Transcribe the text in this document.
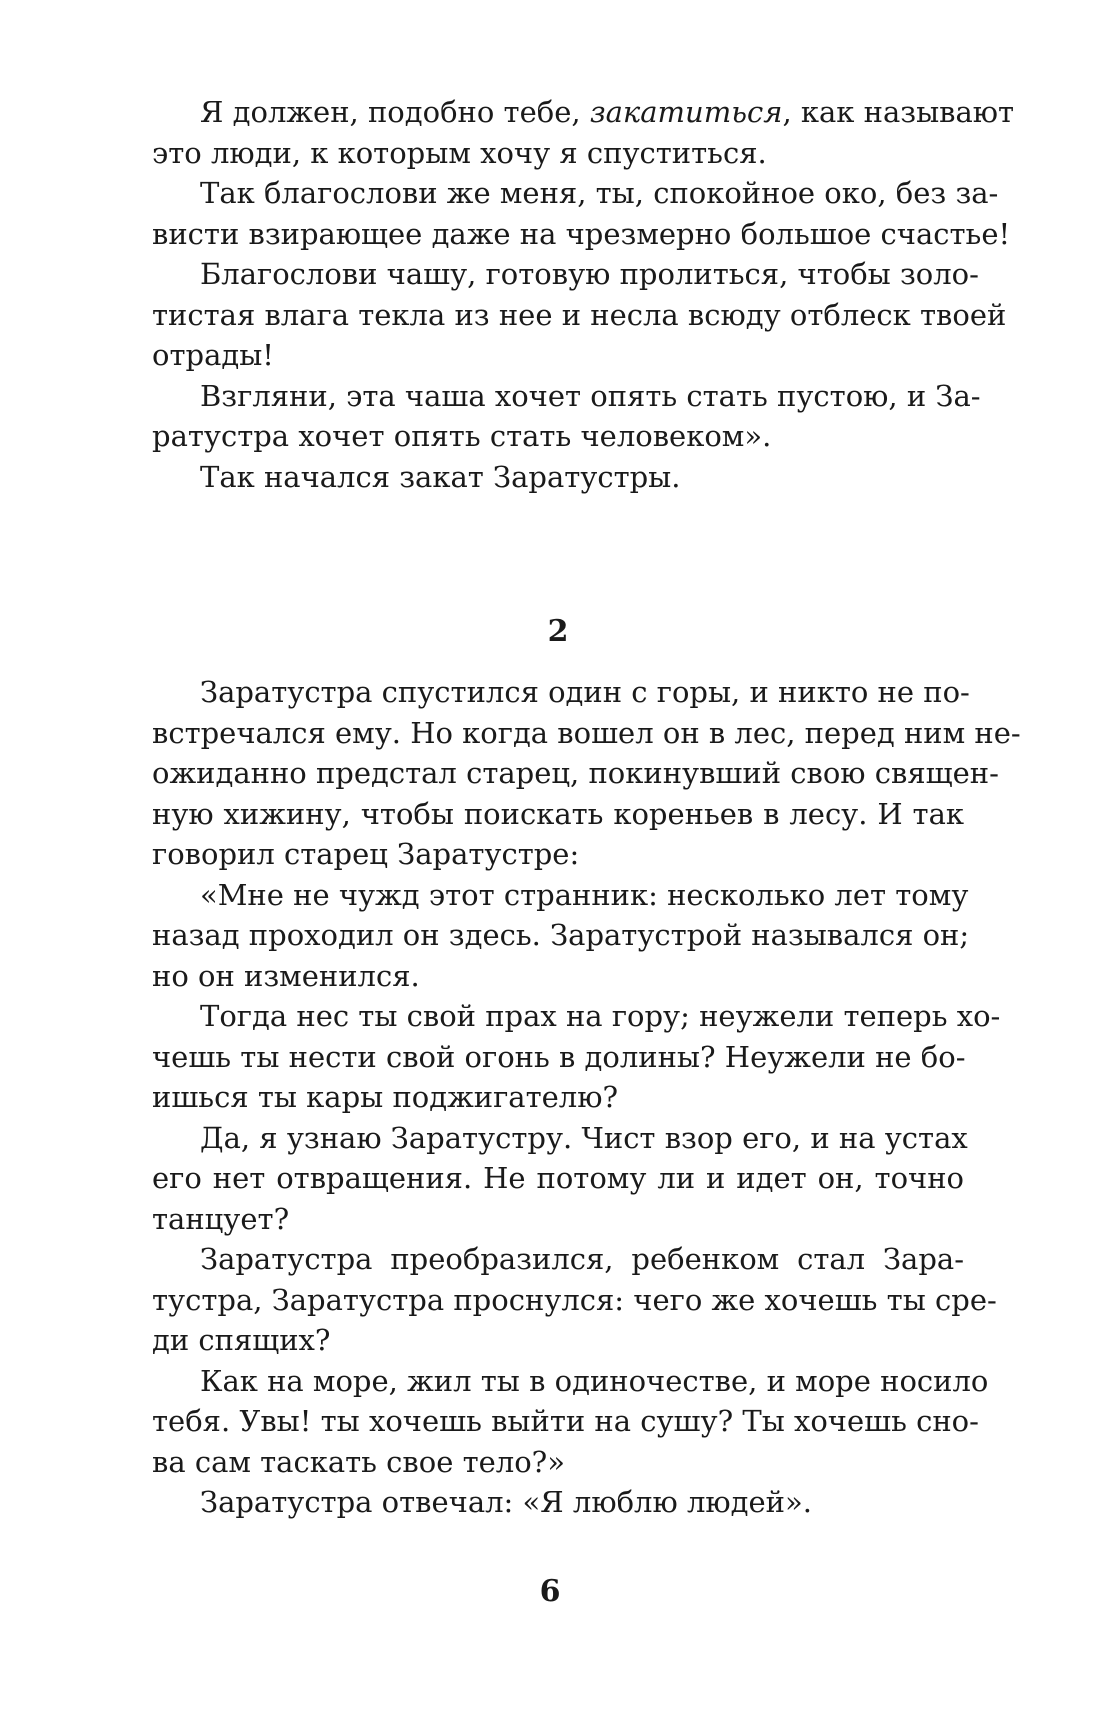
Я должен, подобно тебе, закатиться, как называют
это люди, к которым хочу я спуститься.
Так благослови же меня, ты, спокойное око, без за-
висти взирающее даже на чрезмерно большое счастье!
Благослови чашу, готовую пролиться, чтобы золо-
тистая влага текла из нее и несла всюду отблеск твоей
отрады!
Взгляни, эта чаша хочет опять стать пустою, и За-
ратустра хочет опять стать человеком».
Так начался закат Заратустры.
2
Заратустра спустился один с горы, и никто не по-
встречался ему. Но когда вошел он в лес, перед ним не-
ожиданно предстал старец, покинувший свою священ-
ную хижину, чтобы поискать кореньев в лесу. И так
говорил старец Заратустре:
«Мне не чужд этот странник: несколько лет тому
назад проходил он здесь. Заратустрой назывался он;
но он изменился.
Тогда нес ты свой прах на гору; неужели теперь хо-
чешь ты нести свой огонь в долины? Неужели не бо-
ишься ты кары поджигателю?
Да, я узнаю Заратустру. Чист взор его, и на устах
его нет отвращения. Не потому ли и идет он, точно
танцует?
Заратустра преобразился, ребенком стал Зара-
тустра, Заратустра проснулся: чего же хочешь ты сре-
ди спящих?
Как на море, жил ты в одиночестве, и море носило
тебя. Увы! ты хочешь выйти на сушу? Ты хочешь сно-
ва сам таскать свое тело?»
Заратустра отвечал: «Я люблю людей».
6
